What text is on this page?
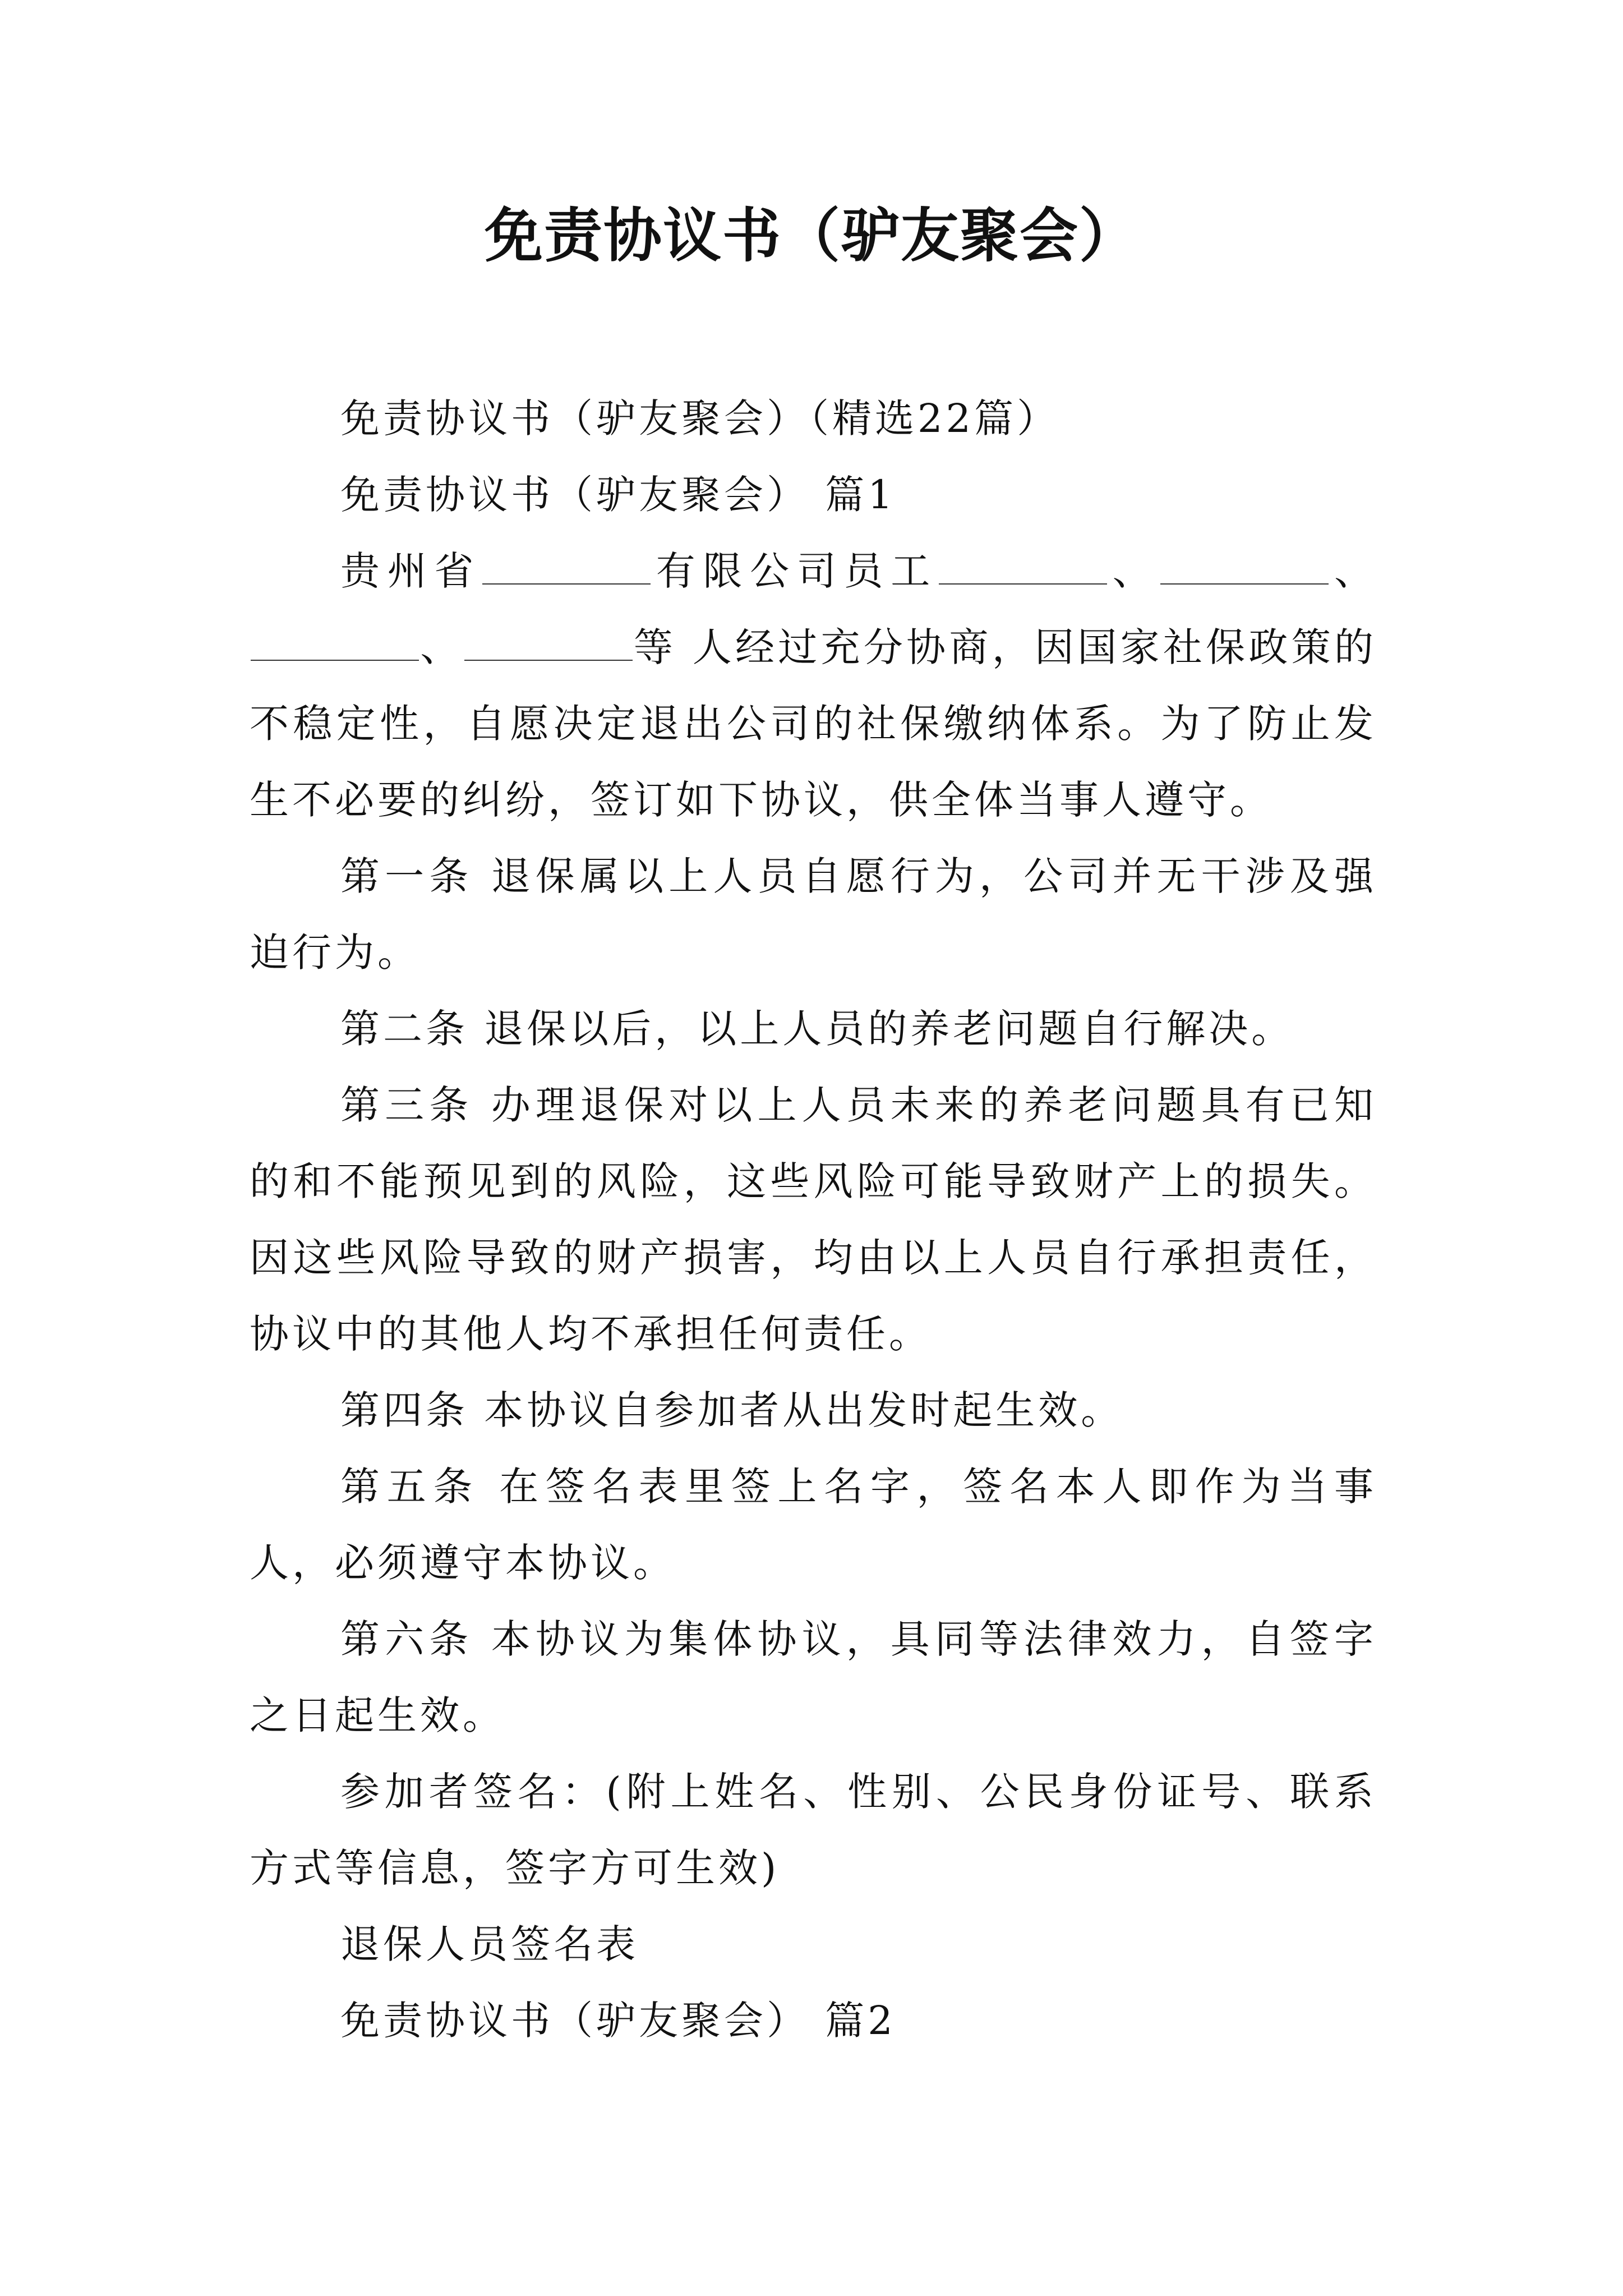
免责协议书（驴友聚会）

免责协议书（驴友聚会）（精选22篇）

免责协议书（驴友聚会） 篇1

贵州省	有限公司员工	、	、、	等 人经过充分协商，因国家社保政策的不稳定性，自愿决定退出公司的社保缴纳体系。为了防止发生不必要的纠纷，签订如下协议，供全体当事人遵守。

第一条 退保属以上人员自愿行为，公司并无干涉及强迫行为。

第二条 退保以后，以上人员的养老问题自行解决。

第三条 办理退保对以上人员未来的养老问题具有已知的和不能预见到的风险，这些风险可能导致财产上的损失。因这些风险导致的财产损害，均由以上人员自行承担责任，协议中的其他人均不承担任何责任。

第四条 本协议自参加者从出发时起生效。

第五条 在签名表里签上名字，签名本人即作为当事人，必须遵守本协议。

第六条 本协议为集体协议，具同等法律效力，自签字之日起生效。

参加者签名：(附上姓名、性别、公民身份证号、联系方式等信息，签字方可生效)

退保人员签名表

免责协议书（驴友聚会） 篇2
